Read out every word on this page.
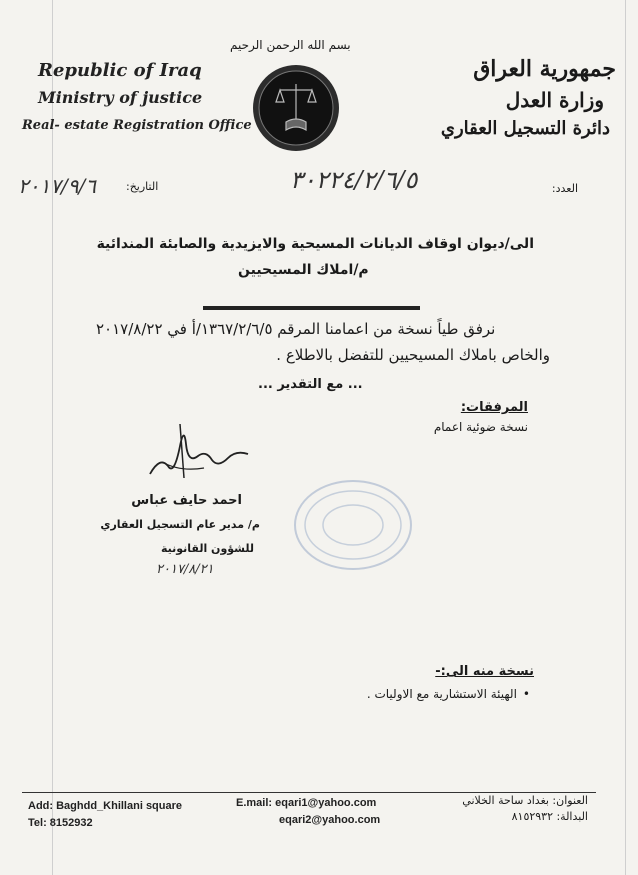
بسم الله الرحمن الرحيم
Republic of Iraq
Ministry of justice
Real- estate Registration Office
جمهورية العراق
وزارة العدل
دائرة التسجيل العقاري
العدد:
٣٠٢٢٤/٢/٦/٥
التاريخ:
٢٠١٧/٩/٦
الى/ديوان اوقاف الديانات المسيحية والايزيدية والصابئة المندائية
م/املاك المسيحيين
نرفق طياً نسخة من اعمامنا المرقم ١٣٦٧/٢/٦/٥/أ في ٢٠١٧/٨/٢٢
والخاص باملاك المسيحيين للتفضل بالاطلاع .
... مع التقدير ...
المرفقات:
نسخة ضوئية اعمام
احمد حايف عباس
م/ مدير عام التسجيل العقاري
للشؤون القانونية
٢٠١٧/٨/٢١
نسخة منه الى:-
• الهيئة الاستشارية مع الاوليات .
Add: Baghdd_Khillani square
Tel: 8152932
E.mail: eqari1@yahoo.com
eqari2@yahoo.com
العنوان: بغداد ساحة الخلاني
البدالة: ٨١٥٢٩٣٢
